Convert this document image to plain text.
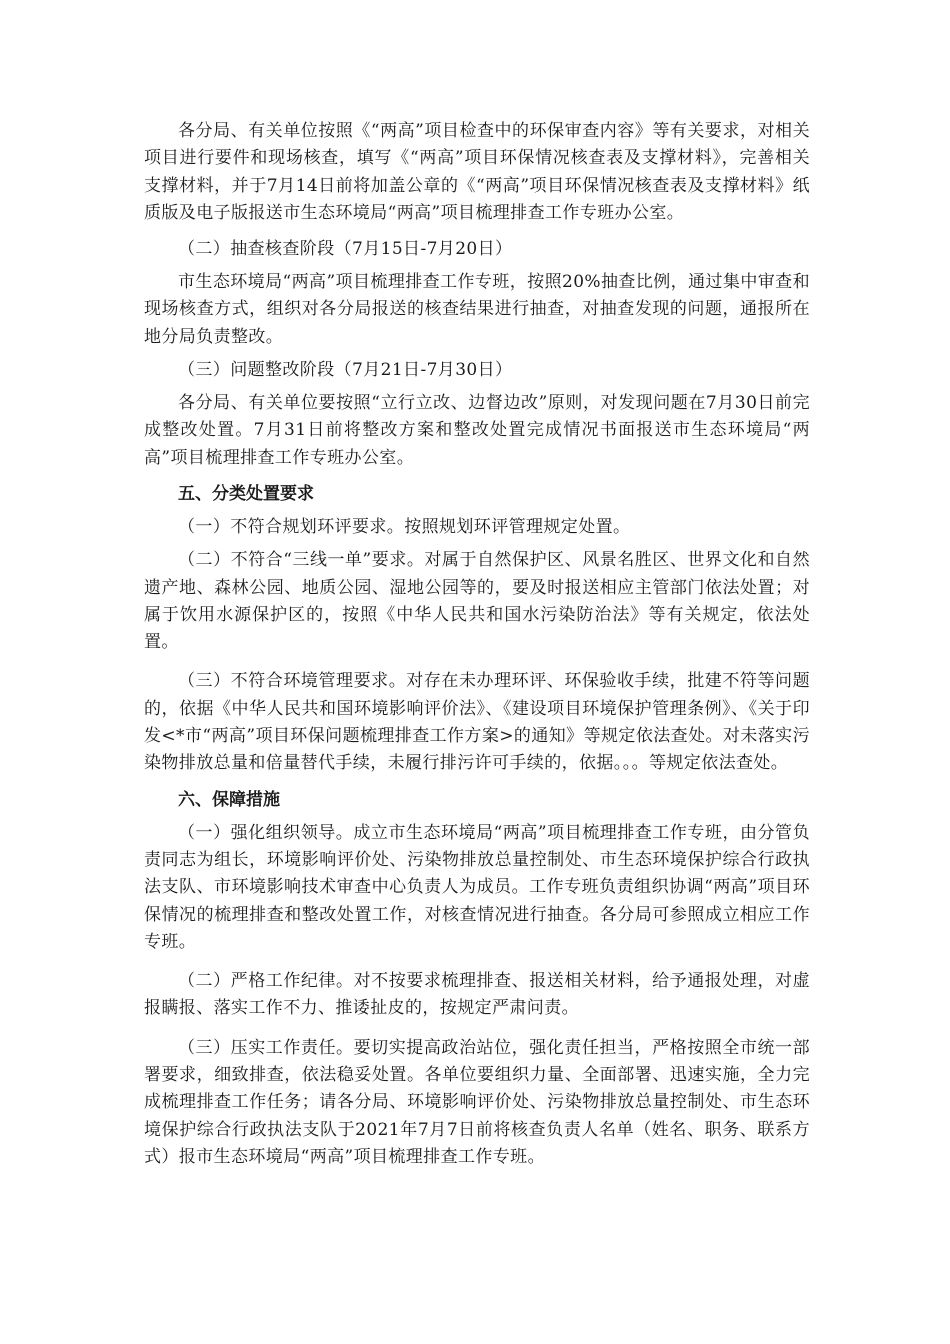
各分局、有关单位按照《“两高”项目检查中的环保审查内容》等有关要求，对相关项目进行要件和现场核查，填写《“两高”项目环保情况核查表及支撑材料》，完善相关支撑材料，并于7月14日前将加盖公章的《“两高”项目环保情况核查表及支撑材料》纸质版及电子版报送市生态环境局“两高”项目梳理排查工作专班办公室。

（二）抽查核查阶段（7月15日-7月20日）

市生态环境局“两高”项目梳理排查工作专班，按照20%抽查比例，通过集中审查和现场核查方式，组织对各分局报送的核查结果进行抽查，对抽查发现的问题，通报所在地分局负责整改。

（三）问题整改阶段（7月21日-7月30日）

各分局、有关单位要按照“立行立改、边督边改”原则，对发现问题在7月30日前完成整改处置。7月31日前将整改方案和整改处置完成情况书面报送市生态环境局“两高”项目梳理排查工作专班办公室。

五、分类处置要求

（一）不符合规划环评要求。按照规划环评管理规定处置。

（二）不符合“三线一单”要求。对属于自然保护区、风景名胜区、世界文化和自然遗产地、森林公园、地质公园、湿地公园等的，要及时报送相应主管部门依法处置；对属于饮用水源保护区的，按照《中华人民共和国水污染防治法》等有关规定，依法处置。

（三）不符合环境管理要求。对存在未办理环评、环保验收手续，批建不符等问题的，依据《中华人民共和国环境影响评价法》、《建设项目环境保护管理条例》、《关于印发<*市“两高”项目环保问题梳理排查工作方案>的通知》等规定依法查处。对未落实污染物排放总量和倍量替代手续，未履行排污许可手续的，依据。。。等规定依法查处。

六、保障措施

（一）强化组织领导。成立市生态环境局“两高”项目梳理排查工作专班，由分管负责同志为组长，环境影响评价处、污染物排放总量控制处、市生态环境保护综合行政执法支队、市环境影响技术审查中心负责人为成员。工作专班负责组织协调“两高”项目环保情况的梳理排查和整改处置工作，对核查情况进行抽查。各分局可参照成立相应工作专班。

（二）严格工作纪律。对不按要求梳理排查、报送相关材料，给予通报处理，对虚报瞒报、落实工作不力、推诿扯皮的，按规定严肃问责。

（三）压实工作责任。要切实提高政治站位，强化责任担当，严格按照全市统一部署要求，细致排查，依法稳妥处置。各单位要组织力量、全面部署、迅速实施，全力完成梳理排查工作任务；请各分局、环境影响评价处、污染物排放总量控制处、市生态环境保护综合行政执法支队于2021年7月7日前将核查负责人名单（姓名、职务、联系方式）报市生态环境局“两高”项目梳理排查工作专班。
